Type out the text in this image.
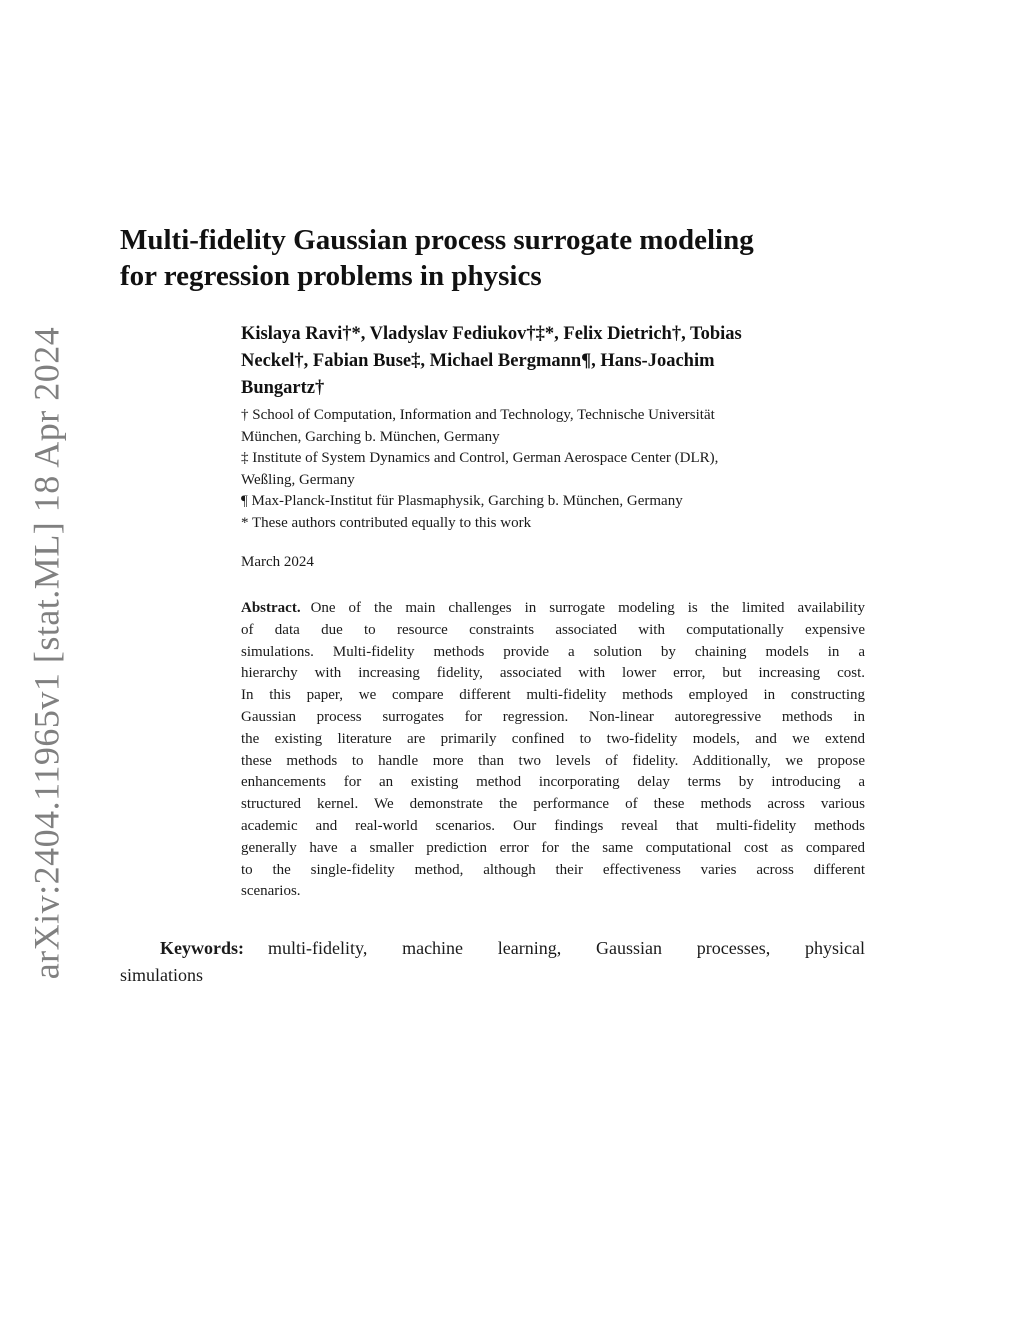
arXiv:2404.11965v1 [stat.ML] 18 Apr 2024
Multi-fidelity Gaussian process surrogate modeling
for regression problems in physics
Kislaya Ravi†*, Vladyslav Fediukov†‡*, Felix Dietrich†, Tobias
Neckel†, Fabian Buse‡, Michael Bergmann¶, Hans-Joachim
Bungartz†
† School of Computation, Information and Technology, Technische Universität
München, Garching b. München, Germany
‡ Institute of System Dynamics and Control, German Aerospace Center (DLR),
Weßling, Germany
¶ Max-Planck-Institut für Plasmaphysik, Garching b. München, Germany
* These authors contributed equally to this work
March 2024
Abstract. One of the main challenges in surrogate modeling is the limited availability
of data due to resource constraints associated with computationally expensive
simulations. Multi-fidelity methods provide a solution by chaining models in a
hierarchy with increasing fidelity, associated with lower error, but increasing cost.
In this paper, we compare different multi-fidelity methods employed in constructing
Gaussian process surrogates for regression. Non-linear autoregressive methods in
the existing literature are primarily confined to two-fidelity models, and we extend
these methods to handle more than two levels of fidelity. Additionally, we propose
enhancements for an existing method incorporating delay terms by introducing a
structured kernel. We demonstrate the performance of these methods across various
academic and real-world scenarios. Our findings reveal that multi-fidelity methods
generally have a smaller prediction error for the same computational cost as compared
to the single-fidelity method, although their effectiveness varies across different
scenarios.
Keywords: multi-fidelity, machine learning, Gaussian processes, physical
simulations
